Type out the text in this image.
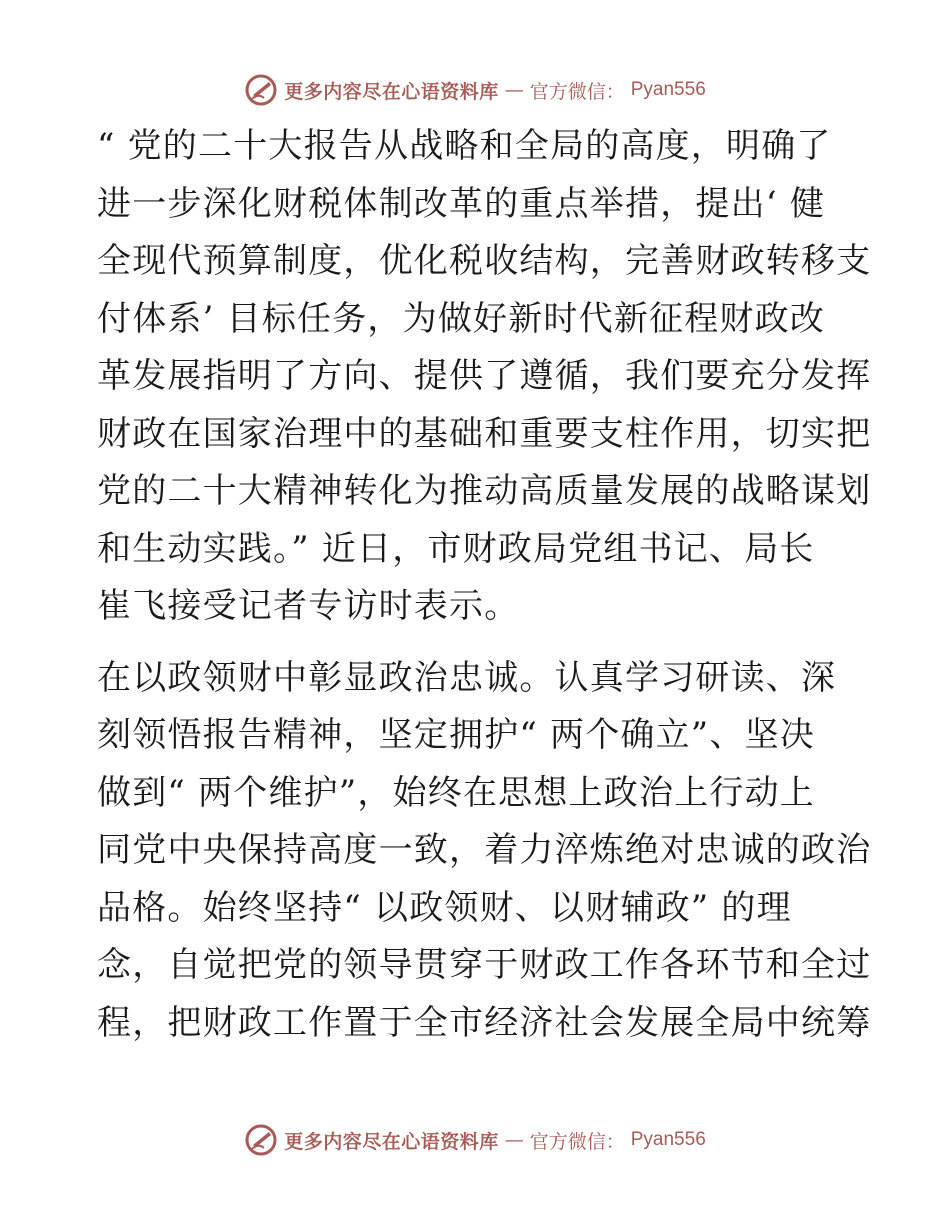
更多内容尽在心语资料库 — 官方微信： Pyan556
“ 党的二十大报告从战略和全局的高度，明确了
进一步深化财税体制改革的重点举措，提出‘ 健
全现代预算制度，优化税收结构，完善财政转移支
付体系’ 目标任务，为做好新时代新征程财政改
革发展指明了方向、提供了遵循，我们要充分发挥
财政在国家治理中的基础和重要支柱作用，切实把
党的二十大精神转化为推动高质量发展的战略谋划
和生动实践。” 近日，市财政局党组书记、局长
崔飞接受记者专访时表示。
在以政领财中彰显政治忠诚。认真学习研读、深
刻领悟报告精神，坚定拥护“ 两个确立”、坚决
做到“ 两个维护”，始终在思想上政治上行动上
同党中央保持高度一致，着力淬炼绝对忠诚的政治
品格。始终坚持“ 以政领财、以财辅政” 的理
念，自觉把党的领导贯穿于财政工作各环节和全过
程，把财政工作置于全市经济社会发展全局中统筹
更多内容尽在心语资料库 — 官方微信： Pyan556
